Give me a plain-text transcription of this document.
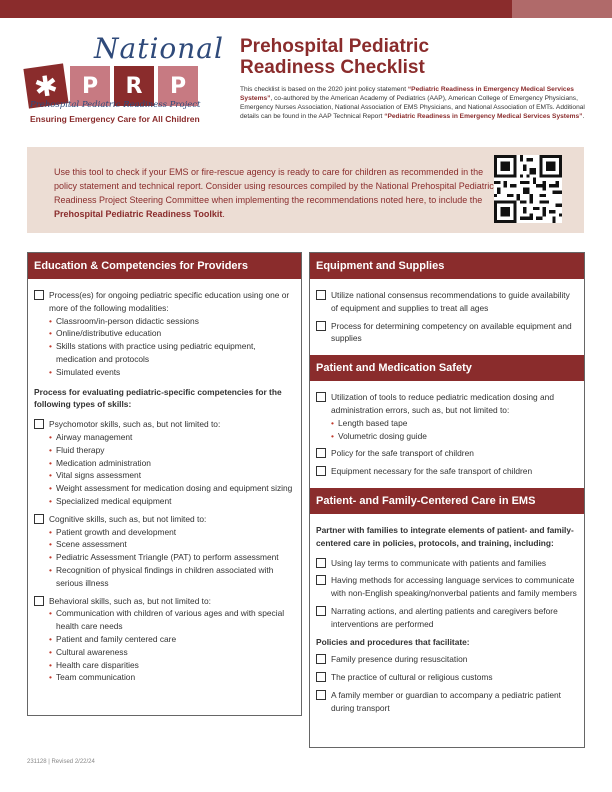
National
✱	P	R	P
Prehospital Pediatric Readiness Project
Ensuring Emergency Care for All Children
Prehospital Pediatric
Readiness Checklist
This checklist is based on the 2020 joint policy statement “Pediatric Readiness in Emergency Medical Services Systems”, co-authored by the American Academy of Pediatrics (AAP), American College of Emergency Physicians, Emergency Nurses Association, National Association of EMS Physicians, and National Association of EMTs. Additional details can be found in the AAP Technical Report “Pediatric Readiness in Emergency Medical Services Systems”.
Use this tool to check if your EMS or fire-rescue agency is ready to care for children as recommended in the policy statement and technical report. Consider using resources compiled by the National Prehospital Pediatric Readiness Project Steering Committee when implementing the recommendations noted here, to include the Prehospital Pediatric Readiness Toolkit.
Education & Competencies for Providers
Process(es) for ongoing pediatric specific education using one or more of the following modalities:
• Classroom/in-person didactic sessions
• Online/distributive education
• Skills stations with practice using pediatric equipment, medication and protocols
• Simulated events
Process for evaluating pediatric-specific competencies for the following types of skills:
Psychomotor skills, such as, but not limited to:
• Airway management
• Fluid therapy
• Medication administration
• Vital signs assessment
• Weight assessment for medication dosing and equipment sizing
• Specialized medical equipment
Cognitive skills, such as, but not limited to:
• Patient growth and development
• Scene assessment
• Pediatric Assessment Triangle (PAT) to perform assessment
• Recognition of physical findings in children associated with serious illness
Behavioral skills, such as, but not limited to:
• Communication with children of various ages and with special health care needs
• Patient and family centered care
• Cultural awareness
• Health care disparities
• Team communication
Equipment and Supplies
Utilize national consensus recommendations to guide availability of equipment and supplies to treat all ages
Process for determining competency on available equipment and supplies
Patient and Medication Safety
Utilization of tools to reduce pediatric medication dosing and administration errors, such as, but not limited to:
• Length based tape
• Volumetric dosing guide
Policy for the safe transport of children
Equipment necessary for the safe transport of children
Patient- and Family-Centered Care in EMS
Partner with families to integrate elements of patient- and family-centered care in policies, protocols, and training, including:
Using lay terms to communicate with patients and families
Having methods for accessing language services to communicate with non-English speaking/nonverbal patients and family members
Narrating actions, and alerting patients and caregivers before interventions are performed
Policies and procedures that facilitate:
Family presence during resuscitation
The practice of cultural or religious customs
A family member or guardian to accompany a pediatric patient during transport
231128 | Revised 2/22/24
